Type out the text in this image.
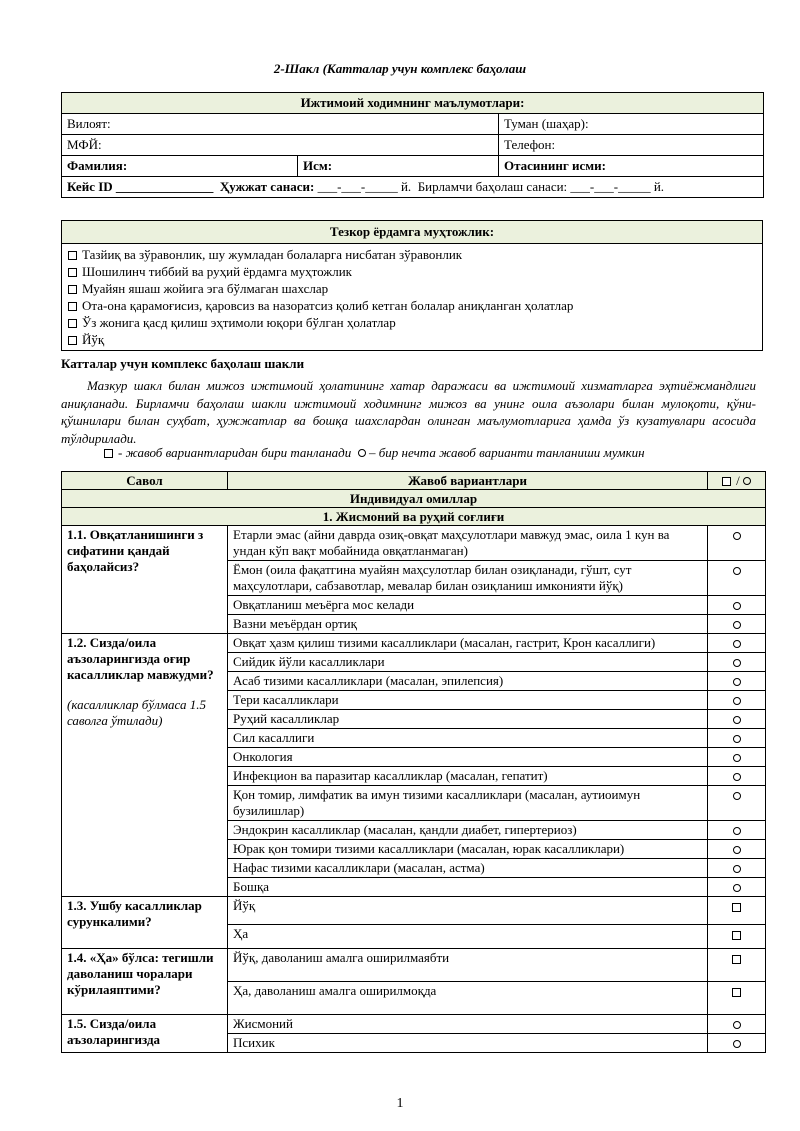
2-Шакл (Катталар учун комплекс баҳолаш
Ижтимоий ходимнинг маълумотлари:		
Вилоят:		Туман (шаҳар):
МФЙ:		Телефон:
Фамилия:	Исм:	Отасининг исми:
Кейс ID _______________ Ҳужжат санаси: ___-___-_____ й. Бирламчи баҳолаш санаси: ___-___-_____ й.		
Тезкор ёрдамга муҳтожлик:
Тазйиқ ва зўравонлик, шу жумладан болаларга нисбатан зўравонлик
Шошилинч тиббий ва руҳий ёрдамга муҳтожлик
Муайян яшаш жойига эга бўлмаган шахслар
Ота-она қарамоғисиз, қаровсиз ва назоратсиз қолиб кетган болалар аниқланган ҳолатлар
Ўз жонига қасд қилиш эҳтимоли юқори бўлган ҳолатлар
Йўқ
Катталар учун комплекс баҳолаш шакли
Мазкур шакл билан мижоз ижтимоий ҳолатининг хатар даражаси ва ижтимоий хизматларга эҳтиёжмандлиги аниқланади. Бирламчи баҳолаш шакли ижтимоий ходимнинг мижоз ва унинг оила аъзолари билан мулоқоти, қўни-қўшнилари билан суҳбат, ҳужжатлар ва бошқа шахслардан олинган маълумотларига ҳамда ўз кузатувлари асосида тўлдирилади.
- жавоб вариантларидан бири танланади – бир нечта жавоб варианти танланиши мумкин
Савол	Жавоб вариантлари	/
Индивидуал омиллар		
1. Жисмоний ва руҳий соғлиғи		

1.1. Овқатланишинги з сифатини қандай баҳолайсиз?	Етарли эмас (айни даврда озиқ-овқат маҳсулотлари мавжуд эмас, оила 1 кун ва ундан кўп вақт мобайнида овқатланмаган)	
	Ёмон (оила фақатгина муайян маҳсулотлар билан озиқланади, гўшт, сут маҳсулотлари, сабзавотлар, мевалар билан озиқланиш имконияти йўқ)	
	Овқатланиш меъёрга мос келади	
	Вазни меъёрдан ортиқ	

1.2. Сизда/оила аъзоларингизда оғир касалликлар мавжудми?
(касалликлар бўлмаса 1.5 саволга ўтилади)	Овқат ҳазм қилиш тизими касалликлари (масалан, гастрит, Крон касаллиги)	
	Сийдик йўли касалликлари	
	Асаб тизими касалликлари (масалан, эпилепсия)	
	Тери касалликлари	
	Руҳий касалликлар	
	Сил касаллиги	
	Онкология	
	Инфекцион ва паразитар касалликлар (масалан, гепатит)	
	Қон томир, лимфатик ва имун тизими касалликлари (масалан, аутиоимун бузилишлар)	
	Эндокрин касалликлар (масалан, қандли диабет, гипертериоз)	
	Юрак қон томири тизими касалликлари (масалан, юрак касалликлари)	
	Нафас тизими касалликлари (масалан, астма)	
	Бошқа	

1.3. Ушбу касалликлар сурункалими?	Йўқ	
	Ҳа	

1.4. «Ҳа» бўлса: тегишли даволаниш чоралари кўрилаяптими?	Йўқ, даволаниш амалга оширилмаябти	
	Ҳа, даволаниш амалга оширилмоқда	

1.5. Сизда/оила аъзоларингизда	Жисмоний	
	Психик	
1
